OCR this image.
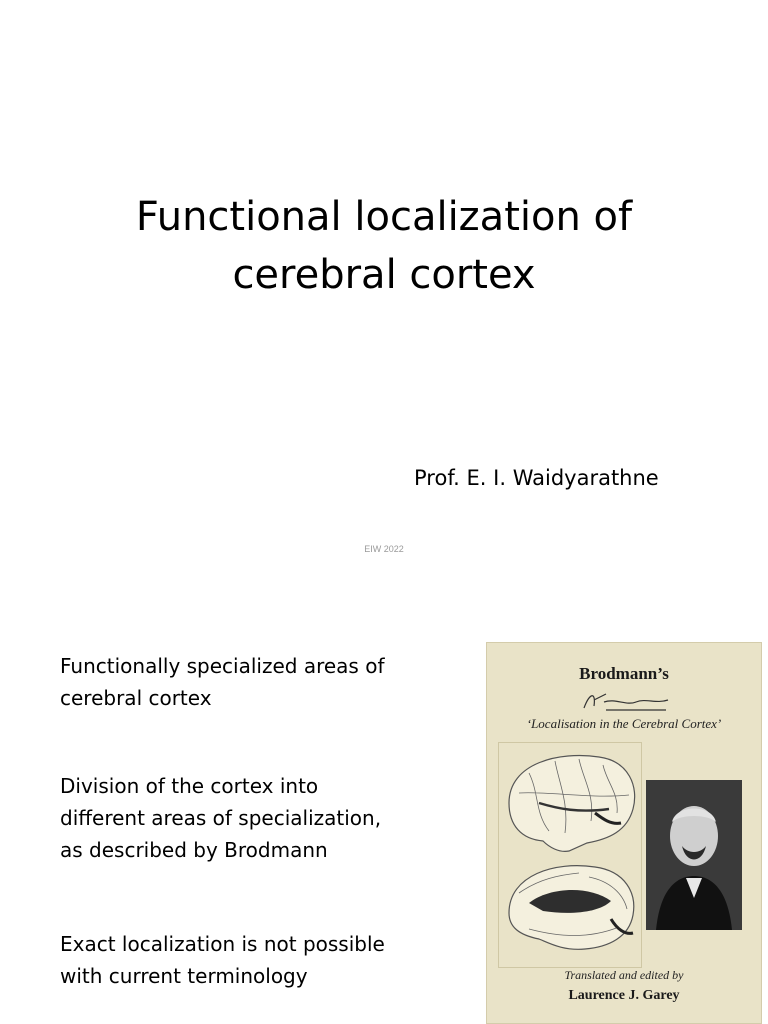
Functional localization of
cerebral cortex
Prof. E. I. Waidyarathne
EIW 2022

Functionally specialized areas of
cerebral cortex

Division of the cortex into
different areas of specialization,
as described by Brodmann

Exact localization is not possible
with current terminology

Brodmann’s
‘Localisation in the Cerebral Cortex’
Translated and edited by
Laurence J. Garey
